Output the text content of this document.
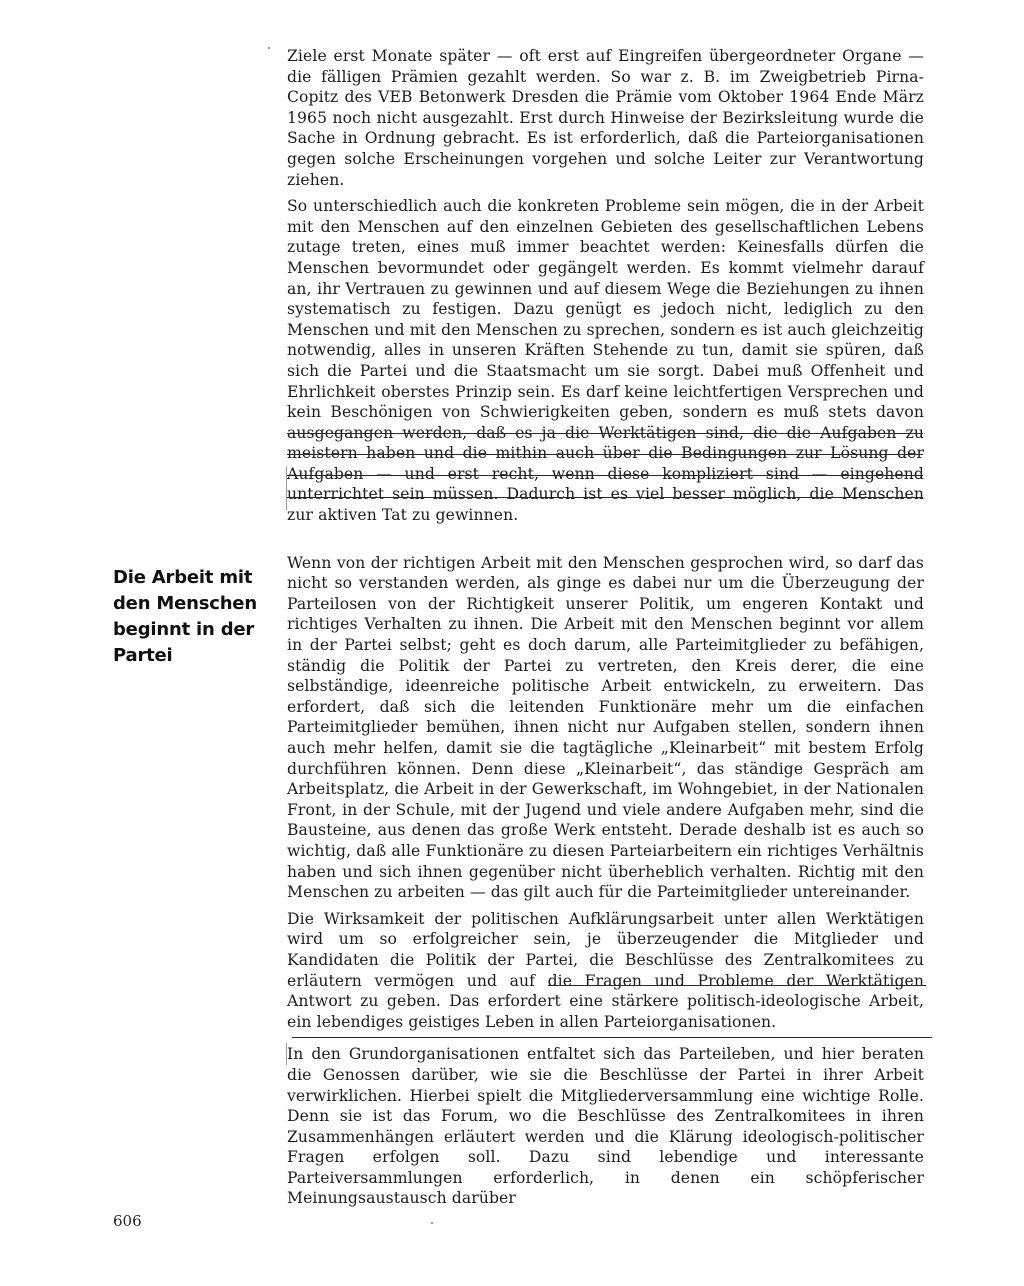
Ziele erst Monate später — oft erst auf Eingreifen übergeordneter Organe — die fälligen Prämien gezahlt werden. So war z. B. im Zweigbetrieb Pirna-Copitz des VEB Betonwerk Dresden die Prämie vom Oktober 1964 Ende März 1965 noch nicht ausgezahlt. Erst durch Hinweise der Bezirksleitung wurde die Sache in Ordnung gebracht. Es ist erforderlich, daß die Parteiorganisationen gegen solche Erscheinungen vorgehen und solche Leiter zur Verantwortung ziehen.

So unterschiedlich auch die konkreten Probleme sein mögen, die in der Arbeit mit den Menschen auf den einzelnen Gebieten des gesellschaftlichen Lebens zutage treten, eines muß immer beachtet werden: Keinesfalls dürfen die Menschen bevormundet oder gegängelt werden. Es kommt vielmehr darauf an, ihr Vertrauen zu gewinnen und auf diesem Wege die Beziehungen zu ihnen systematisch zu festigen. Dazu genügt es jedoch nicht, lediglich zu den Menschen und mit den Menschen zu sprechen, sondern es ist auch gleichzeitig notwendig, alles in unseren Kräften Stehende zu tun, damit sie spüren, daß sich die Partei und die Staatsmacht um sie sorgt. Dabei muß Offenheit und Ehrlichkeit oberstes Prinzip sein. Es darf keine leichtfertigen Versprechen und kein Beschönigen von Schwierigkeiten geben, sondern es muß stets davon ausgegangen werden, daß es ja die Werktätigen sind, die die Aufgaben zu meistern haben und die mithin auch über die Bedingungen zur Lösung der Aufgaben — und erst recht, wenn diese kompliziert sind — eingehend unterrichtet sein müssen. Dadurch ist es viel besser möglich, die Menschen zur aktiven Tat zu gewinnen.

Wenn von der richtigen Arbeit mit den Menschen gesprochen wird, so darf das nicht so verstanden werden, als ginge es dabei nur um die Überzeugung der Parteilosen von der Richtigkeit unserer Politik, um engeren Kontakt und richtiges Verhalten zu ihnen. Die Arbeit mit den Menschen beginnt vor allem in der Partei selbst; geht es doch darum, alle Parteimitglieder zu befähigen, ständig die Politik der Partei zu vertreten, den Kreis derer, die eine selbständige, ideenreiche politische Arbeit entwickeln, zu erweitern. Das erfordert, daß sich die leitenden Funktionäre mehr um die einfachen Parteimitglieder bemühen, ihnen nicht nur Aufgaben stellen, sondern ihnen auch mehr helfen, damit sie die tagtägliche „Kleinarbeit“ mit bestem Erfolg durchführen können. Denn diese „Kleinarbeit“, das ständige Gespräch am Arbeitsplatz, die Arbeit in der Gewerkschaft, im Wohngebiet, in der Nationalen Front, in der Schule, mit der Jugend und viele andere Aufgaben mehr, sind die Bausteine, aus denen das große Werk entsteht. Derade deshalb ist es auch so wichtig, daß alle Funktionäre zu diesen Parteiarbeitern ein richtiges Verhältnis haben und sich ihnen gegenüber nicht überheblich verhalten. Richtig mit den Menschen zu arbeiten — das gilt auch für die Parteimitglieder untereinander.

Die Wirksamkeit der politischen Aufklärungsarbeit unter allen Werktätigen wird um so erfolgreicher sein, je überzeugender die Mitglieder und Kandidaten die Politik der Partei, die Beschlüsse des Zentralkomitees zu erläutern vermögen und auf die Fragen und Probleme der Werktätigen Antwort zu geben. Das erfordert eine stärkere politisch-ideologische Arbeit, ein lebendiges geistiges Leben in allen Parteiorganisationen.

In den Grundorganisationen entfaltet sich das Parteileben, und hier beraten die Genossen darüber, wie sie die Beschlüsse der Partei in ihrer Arbeit verwirklichen. Hierbei spielt die Mitgliederversammlung eine wichtige Rolle. Denn sie ist das Forum, wo die Beschlüsse des Zentralkomitees in ihren Zusammenhängen erläutert werden und die Klärung ideologisch-politischer Fragen erfolgen soll. Dazu sind lebendige und interessante Parteiversammlungen erforderlich, in denen ein schöpferischer Meinungsaustausch darüber

Die Arbeit mit
den Menschen
beginnt in der
Partei
606
